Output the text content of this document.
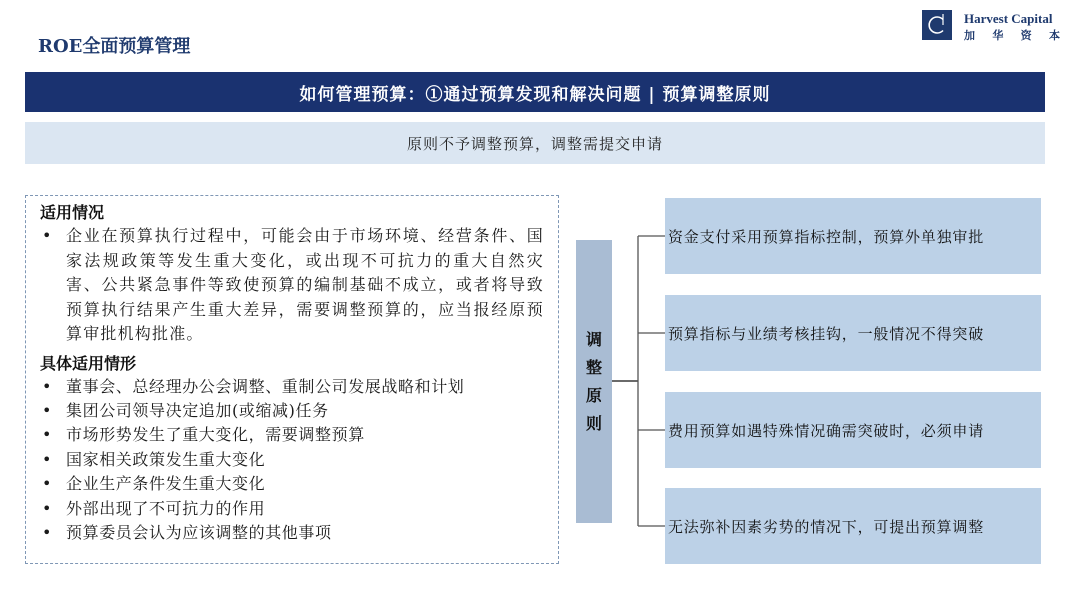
ROE全面预算管理
Harvest Capital
加 华 资 本
如何管理预算：①通过预算发现和解决问题 | 预算调整原则
原则不予调整预算，调整需提交申请
适用情况
• 企业在预算执行过程中，可能会由于市场环境、经营条件、国家法规政策等发生重大变化，或出现不可抗力的重大自然灾害、公共紧急事件等致使预算的编制基础不成立，或者将导致预算执行结果产生重大差异，需要调整预算的，应当报经原预算审批机构批准。
具体适用情形
• 董事会、总经理办公会调整、重制公司发展战略和计划
• 集团公司领导决定追加(或缩减)任务
• 市场形势发生了重大变化，需要调整预算
• 国家相关政策发生重大变化
• 企业生产条件发生重大变化
• 外部出现了不可抗力的作用
• 预算委员会认为应该调整的其他事项
调
整
原
则
资金支付采用预算指标控制，预算外单独审批
预算指标与业绩考核挂钩，一般情况不得突破
费用预算如遇特殊情况确需突破时，必须申请
无法弥补因素劣势的情况下，可提出预算调整
